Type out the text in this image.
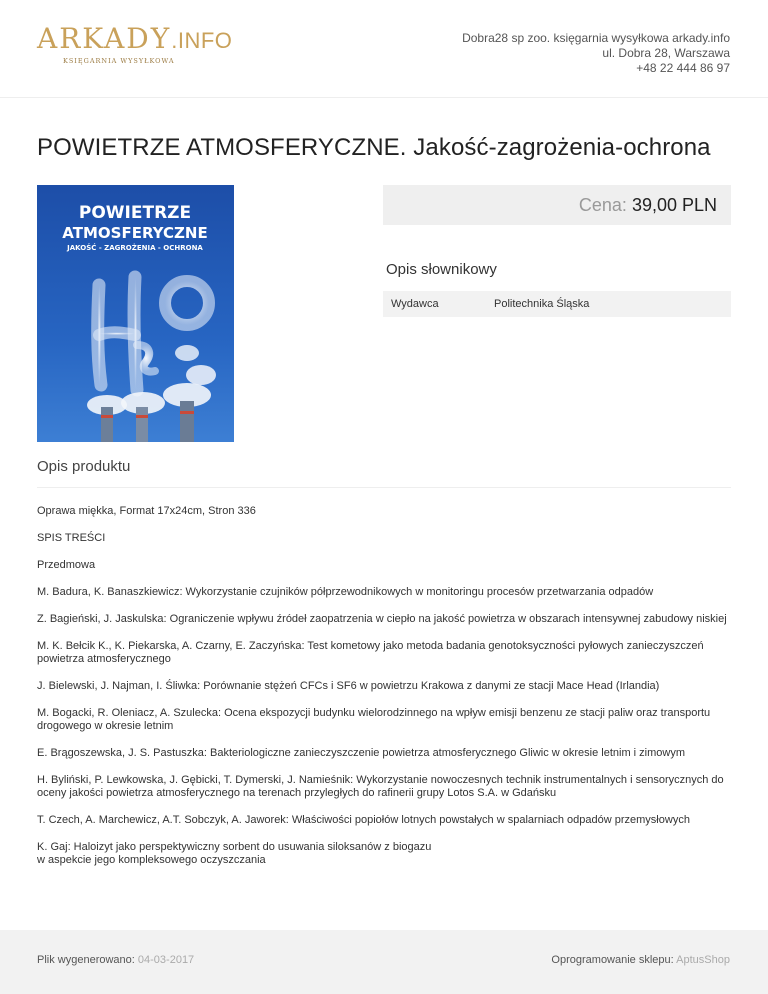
ARKADY.INFO
KSIĘGARNIA WYSYŁKOWA
Dobra28 sp zoo. księgarnia wysyłkowa arkady.info
ul. Dobra 28, Warszawa
+48 22 444 86 97
POWIETRZE ATMOSFERYCZNE. Jakość-zagrożenia-ochrona
POWIETRZE
ATMOSFERYCZNE
JAKOŚĆ - ZAGROŻENIA - OCHRONA
Cena: 39,00 PLN
Opis słownikowy
Wydawca	Politechnika Śląska
Opis produktu

Oprawa miękka, Format 17x24cm, Stron 336

SPIS TREŚCI

Przedmowa

M. Badura, K. Banaszkiewicz: Wykorzystanie czujników półprzewodnikowych w monitoringu procesów przetwarzania odpadów

Z. Bagieński, J. Jaskulska: Ograniczenie wpływu źródeł zaopatrzenia w ciepło na jakość powietrza w obszarach intensywnej zabudowy niskiej

M. K. Bełcik K., K. Piekarska, A. Czarny, E. Zaczyńska: Test kometowy jako metoda badania genotoksyczności pyłowych zanieczyszczeń powietrza atmosferycznego

J. Bielewski, J. Najman, I. Śliwka: Porównanie stężeń CFCs i SF6 w powietrzu Krakowa z danymi ze stacji Mace Head (Irlandia)

M. Bogacki, R. Oleniacz, A. Szulecka: Ocena ekspozycji budynku wielorodzinnego na wpływ emisji benzenu ze stacji paliw oraz transportu drogowego w okresie letnim

E. Brągoszewska, J. S. Pastuszka: Bakteriologiczne zanieczyszczenie powietrza atmosferycznego Gliwic w okresie letnim i zimowym

H. Byliński, P. Lewkowska, J. Gębicki, T. Dymerski, J. Namieśnik: Wykorzystanie nowoczesnych technik instrumentalnych i sensorycznych do oceny jakości powietrza atmosferycznego na terenach przyległych do rafinerii grupy Lotos S.A. w Gdańsku

T. Czech, A. Marchewicz, A.T. Sobczyk, A. Jaworek: Właściwości popiołów lotnych powstałych w spalarniach odpadów przemysłowych

K. Gaj: Haloizyt jako perspektywiczny sorbent do usuwania siloksanów z biogazu
w aspekcie jego kompleksowego oczyszczania

Plik wygenerowano: 04-03-2017	Oprogramowanie sklepu: AptusShop
